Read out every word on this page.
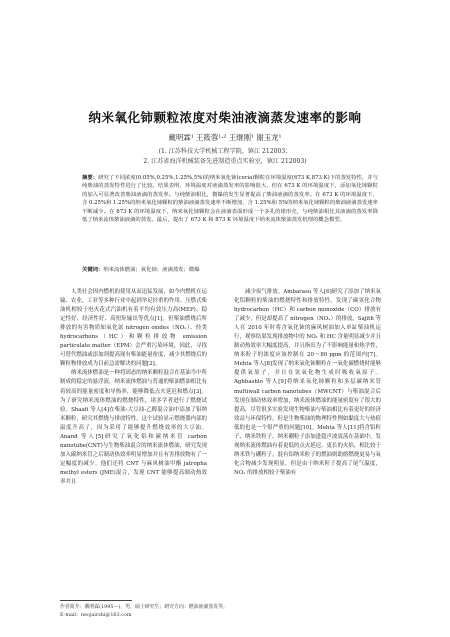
纳米氧化铈颗粒浓度对柴油液滴蒸发速率的影响
戴明霖¹ 王筱蓉¹·² 王继刚¹ 谢玉龙¹
(1. 江苏科技大学机械工程学院，镇江 212003；
2. 江苏省海洋机械装备先进制造重点实验室，镇江 212003)
摘要：研究了不同浓度(0.05%,0.25%,1.25%,5%)的纳米氧化铈(ceria)颗粒在环境温度(673 K,873 K)下的蒸发特性，并与纯柴油的蒸发特性进行了比较。结果表明，环境温度对液滴蒸发率的影响很大，但在 673 K 的环境温度下，添加氧化铈颗粒的加入可显著改善柴油液滴的蒸发率。与纯柴油相比，微爆的发生显著提高了柴油液滴的蒸发率。在 673 K 的环境温度下，含 0.25%和 1.25%的纳米氧化铈颗粒的柴油液滴蒸发速率不断增加，含 1.25%和 5%的纳米氧化铈颗粒的柴油液滴蒸发速率不断减少。在 873 K 的环境温度下，纳米氧化铈颗粒会在液滴表面形成一个多孔的球形壳，与纯柴油相比其液滴的蒸发率降低了纳米流体柴油液滴的蒸发。最后，提出了 673 K 和 873 K 环境温度下纳米流体柴油蒸发机理的概念模型。
关键词：纳米流体燃油；氧化铈；液滴蒸发；微爆

人类社会因内燃机的使用从而迅猛发展，如今内燃机在运输、农业、工业等多种行业中起到举足轻重的作用。压燃式柴油机相较于电火花式汽油机有着平均有效压力高(MEP)、稳定性好、经济性好、高扭矩输出等优点[1]。但柴油燃烧后所排放的有害物质如氧化氮 nitrogen oxides（NOₓ）、烃类 hydrocarbons（HC）和颗粒排放物 emission particulate matter（EPM）会严重污染环境，因此，寻找可替代燃油或添加剂提高现有柴油能量密度，减少其燃烧后的颗粒物排放成为目前急需解决的问题[2]。

纳米流体燃油是一种将固态的纳米颗粒混合在基油当中所制成的稳定的悬浮液，纳米流体燃油与普通的柴油燃油相比有着较高的能量密度和导热率，能够降低点火延迟和燃点[3]。为了研究纳米流体燃油的燃烧特性，诸多学者进行了燃烧试验。Shaafi 等人[4]在柴油-大豆油-乙醇混合油中添加了铝纳米颗粒，研究其燃烧与排放特性，这个试验显示燃烧器内部的温度升高了，因为采用了能够提升燃烧效率的大豆油。Anand 等人[5]研究了氧化铝和碳纳米管 carbon nanotube(CNT)与生物柴油混合的纳米流体燃油，研究发现加入碳纳米管之后制动热效率明显增加并且有害排放物有了一定幅度的减少。他们还将 CNT 与麻风树油甲酯 jatropha methyl esters (JME)混合，发现 CNT 能够提高制动热效率并且

减少废气排放。Ambarasu 等人[6]研究了添加了纳米氧化铝颗粒的柴油的燃烧特性和排放特性，发现了碳氢化合物 hydrocarbon（HC）和 carbon monoxide（CO）排放有了减少，但是却提高了 nitrogen（NOₓ）的排放。Sajith 等人在 2010 年时将含氧化铈的麻风树油加入单缸柴油机运行，观察结果发现排放物中的 NOₓ 和 HC 含量明显减少并且制动热效率大幅度提高，并且指出为了不影响能量和热学性，纳米粒子的浓度应该控制在 20～80 ppm 的范围内[7]。Mehta 等人[8]发现了纳米氧化铈颗粒在一氧化碳燃烧时能够提供氧原子，并且在氢氧化物生成时吸收氧原子。Aghbashlo 等人[9]将纳米氧化铈颗粒和多层碳纳米管 multiwall carbon nanotubes（MWCNT）与柴油混合后发现在制动热效率增加，纳米流体燃油的能量密度有了很大的提高，尽管很多实验发现生物柴油与柴油相比有着更好的经济效益与环保特性，但是生物柴油的物理特性例如黏度大与热值低的也是一个很严重的问题[10]。Mehta 等人[11]将含铝粒子、纳米铁粒子、纳米硼粒子添加进超声波震荡在基础中，发现纳米流体燃油有着更低的点火延迟、更长的火焰。相比较于纳米铁与硼粒子，混有铝纳米粒子的燃油则助熔燃烧更易与氧化合物减少发现明显，但是由于纳米粒子提高了尾气温度，NOₓ 的排放相较于柴油有

作者简介：戴明霖(1995—)，男，硕士研究生；研究方向：燃油液滴蒸发等。
E-mail：neojairshi@163.com
